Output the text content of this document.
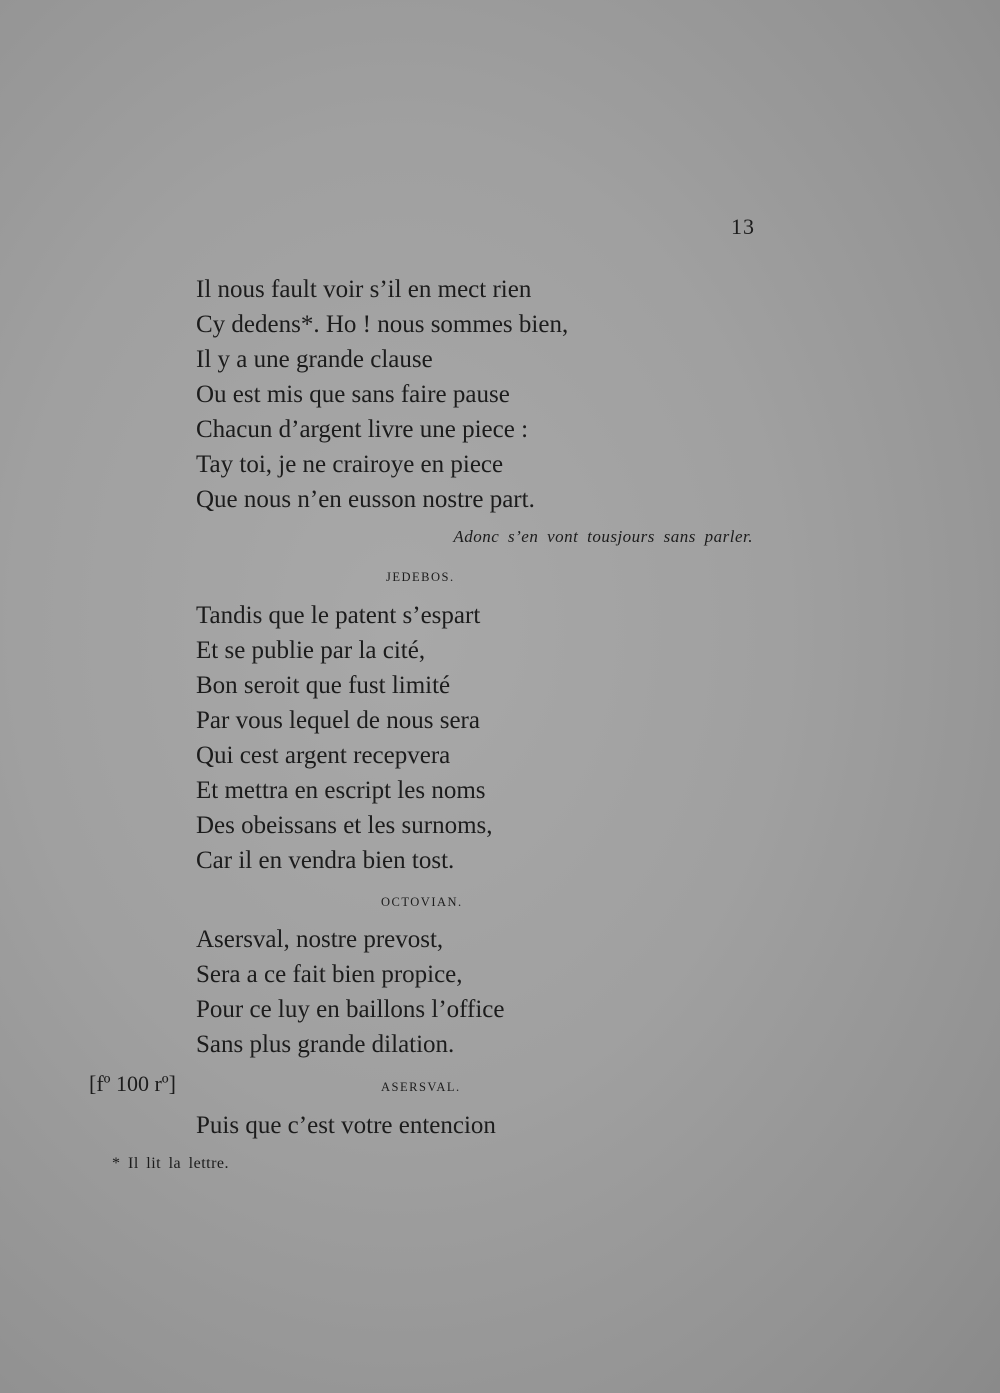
13
Il nous fault voir s’il en mect rien
Cy dedens*. Ho ! nous sommes bien,
Il y a une grande clause
Ou est mis que sans faire pause
Chacun d’argent livre une piece :
Tay toi, je ne crairoye en piece
Que nous n’en eusson nostre part.
Adonc s’en vont tousjours sans parler.
JEDEBOS.
Tandis que le patent s’espart
Et se publie par la cité,
Bon seroit que fust limité
Par vous lequel de nous sera
Qui cest argent recepvera
Et mettra en escript les noms
Des obeissans et les surnoms,
Car il en vendra bien tost.
OCTOVIAN.
Asersval, nostre prevost,
Sera a ce fait bien propice,
Pour ce luy en baillons l’office
Sans plus grande dilation.
[fº 100 rº]	ASERSVAL.
Puis que c’est votre entencion
* Il lit la lettre.
